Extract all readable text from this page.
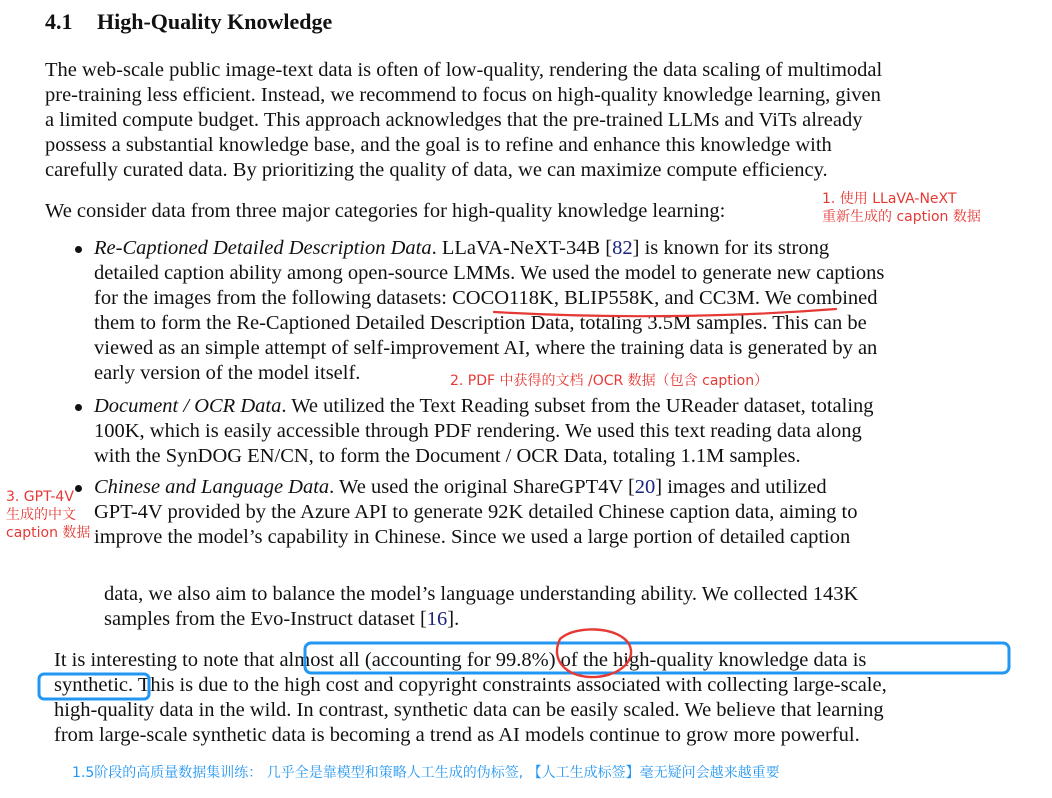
4.1 High-Quality Knowledge

The web-scale public image-text data is often of low-quality, rendering the data scaling of multimodal
pre-training less efficient. Instead, we recommend to focus on high-quality knowledge learning, given
a limited compute budget. This approach acknowledges that the pre-trained LLMs and ViTs already
possess a substantial knowledge base, and the goal is to refine and enhance this knowledge with
carefully curated data. By prioritizing the quality of data, we can maximize compute efficiency.

We consider data from three major categories for high-quality knowledge learning:

Re-Captioned Detailed Description Data. LLaVA-NeXT-34B [82] is known for its strong
detailed caption ability among open-source LMMs. We used the model to generate new captions
for the images from the following datasets: COCO118K, BLIP558K, and CC3M. We combined
them to form the Re-Captioned Detailed Description Data, totaling 3.5M samples. This can be
viewed as an simple attempt of self-improvement AI, where the training data is generated by an
early version of the model itself.
Document / OCR Data. We utilized the Text Reading subset from the UReader dataset, totaling
100K, which is easily accessible through PDF rendering. We used this text reading data along
with the SynDOG EN/CN, to form the Document / OCR Data, totaling 1.1M samples.
Chinese and Language Data. We used the original ShareGPT4V [20] images and utilized
GPT-4V provided by the Azure API to generate 92K detailed Chinese caption data, aiming to
improve the model’s capability in Chinese. Since we used a large portion of detailed caption
data, we also aim to balance the model’s language understanding ability. We collected 143K
samples from the Evo-Instruct dataset [16].
It is interesting to note that almost all (accounting for 99.8%) of the high-quality knowledge data is
synthetic. This is due to the high cost and copyright constraints associated with collecting large-scale,
high-quality data in the wild. In contrast, synthetic data can be easily scaled. We believe that learning
from large-scale synthetic data is becoming a trend as AI models continue to grow more powerful.
1. 使用 LLaVA-NeXT
重新生成的 caption 数据
2. PDF 中获得的文档 /OCR 数据（包含 caption）
3. GPT-4V
生成的中文
caption 数据
1.5阶段的高质量数据集训练： 几乎全是靠模型和策略人工生成的伪标签, 【人工生成标签】毫无疑问会越来越重要
